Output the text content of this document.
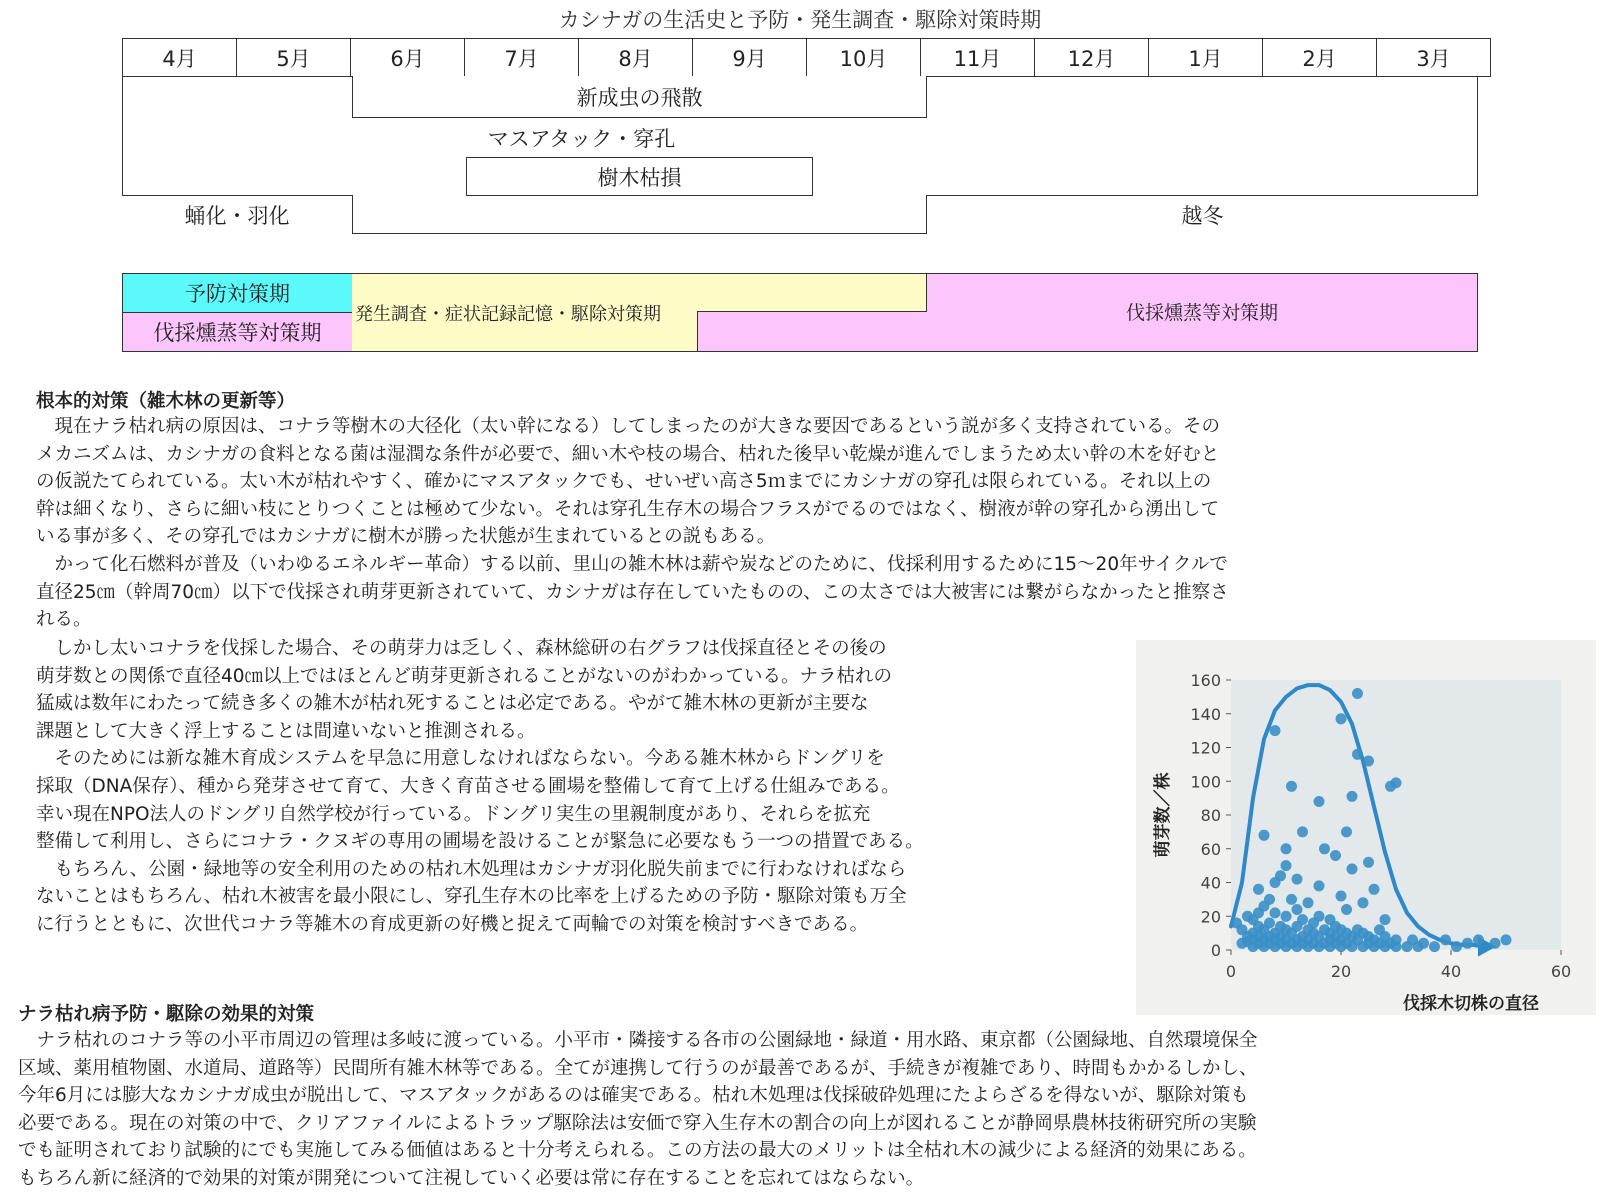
カシナガの生活史と予防・発生調査・駆除対策時期
4月	5月	6月	7月	8月	9月	10月	11月	12月	1月	2月	3月
新成虫の飛散
マスアタック・穿孔
樹木枯損
蛹化・羽化	越冬
予防対策期
伐採燻蒸等対策期
発生調査・症状記録記憶・駆除対策期	伐採燻蒸等対策期
根本的対策（雑木林の更新等）

　現在ナラ枯れ病の原因は、コナラ等樹木の大径化（太い幹になる）してしまったのが大きな要因であるという説が多く支持されている。その

メカニズムは、カシナガの食料となる菌は湿潤な条件が必要で、細い木や枝の場合、枯れた後早い乾燥が進んでしまうため太い幹の木を好むと

の仮説たてられている。太い木が枯れやすく、確かにマスアタックでも、せいぜい高さ5ｍまでにカシナガの穿孔は限られている。それ以上の

幹は細くなり、さらに細い枝にとりつくことは極めて少ない。それは穿孔生存木の場合フラスがでるのではなく、樹液が幹の穿孔から湧出して

いる事が多く、その穿孔ではカシナガに樹木が勝った状態が生まれているとの説もある。

　かって化石燃料が普及（いわゆるエネルギー革命）する以前、里山の雑木林は薪や炭などのために、伐採利用するために15～20年サイクルで

直径25㎝（幹周70㎝）以下で伐採され萌芽更新されていて、カシナガは存在していたものの、この太さでは大被害には繋がらなかったと推察さ

れる。

　しかし太いコナラを伐採した場合、その萌芽力は乏しく、森林総研の右グラフは伐採直径とその後の

萌芽数との関係で直径40㎝以上ではほとんど萌芽更新されることがないのがわかっている。ナラ枯れの

猛威は数年にわたって続き多くの雑木が枯れ死することは必定である。やがて雑木林の更新が主要な

課題として大きく浮上することは間違いないと推測される。

　そのためには新な雑木育成システムを早急に用意しなければならない。今ある雑木林からドングリを

採取（DNA保存）、種から発芽させて育て、大きく育苗させる圃場を整備して育て上げる仕組みである。

幸い現在NPO法人のドングリ自然学校が行っている。ドングリ実生の里親制度があり、それらを拡充

整備して利用し、さらにコナラ・クヌギの専用の圃場を設けることが緊急に必要なもう一つの措置である。

　もちろん、公園・緑地等の安全利用のための枯れ木処理はカシナガ羽化脱失前までに行わなければなら

ないことはもちろん、枯れ木被害を最小限にし、穿孔生存木の比率を上げるための予防・駆除対策も万全

に行うとともに、次世代コナラ等雑木の育成更新の好機と捉えて両輪での対策を検討すべきである。

0
20
40
60
80
100
120
140
160
0	20	40	60
伐採木切株の直径
萌芽数／株
ナラ枯れ病予防・駆除の効果的対策

　ナラ枯れのコナラ等の小平市周辺の管理は多岐に渡っている。小平市・隣接する各市の公園緑地・緑道・用水路、東京都（公園緑地、自然環境保全

区域、薬用植物園、水道局、道路等）民間所有雑木林等である。全てが連携して行うのが最善であるが、手続きが複雑であり、時間もかかるしかし、

今年6月には膨大なカシナガ成虫が脱出して、マスアタックがあるのは確実である。枯れ木処理は伐採破砕処理にたよらざるを得ないが、駆除対策も

必要である。現在の対策の中で、クリアファイルによるトラップ駆除法は安価で穿入生存木の割合の向上が図れることが静岡県農林技術研究所の実験

でも証明されており試験的にでも実施してみる価値はあると十分考えられる。この方法の最大のメリットは全枯れ木の減少による経済的効果にある。

もちろん新に経済的で効果的対策が開発について注視していく必要は常に存在することを忘れてはならない。
